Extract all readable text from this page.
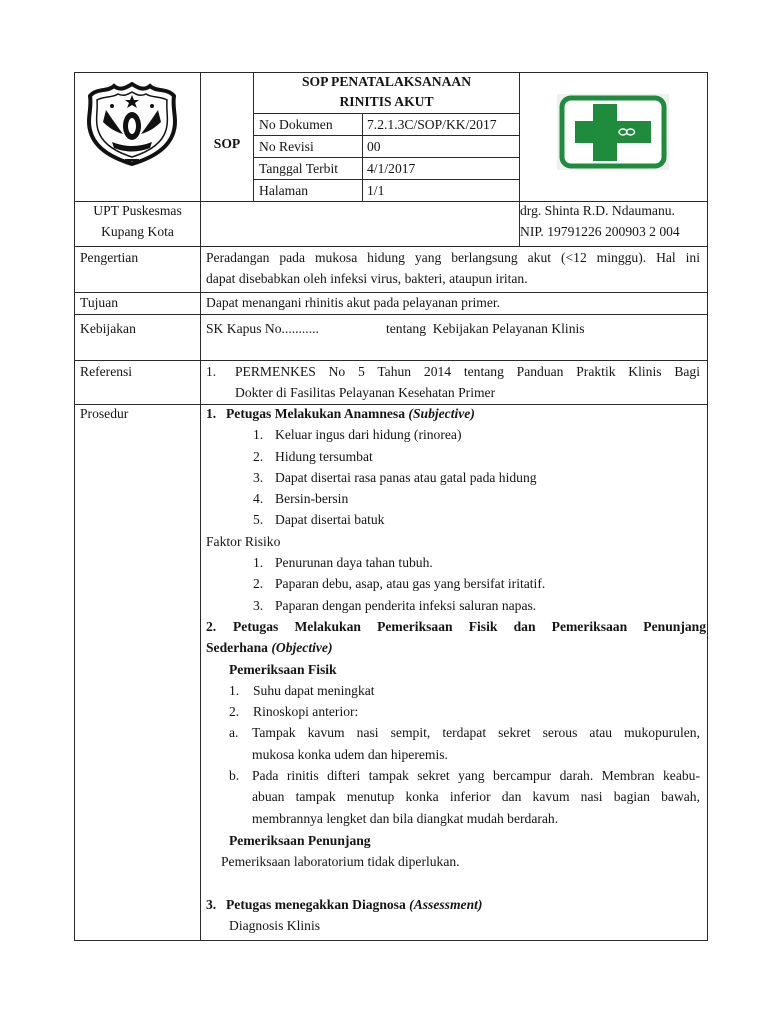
SOP
SOP PENATALAKSANAAN
RINITIS AKUT
No Dokumen	7.2.1.3C/SOP/KK/2017
No Revisi	00
Tanggal Terbit	4/1/2017
Halaman	1/1
UPT Puskesmas
Kupang Kota
drg. Shinta R.D. Ndaumanu.
NIP. 19791226 200903 2 004
Pengertian	Peradangan pada mukosa hidung yang berlangsung akut (<12 minggu). Hal ini
dapat disebabkan oleh infeksi virus, bakteri, ataupun iritan.
Tujuan	Dapat menangani rhinitis akut pada pelayanan primer.
Kebijakan	SK Kapus No...........	tentang  Kebijakan Pelayanan Klinis
Referensi	1.	PERMENKES No 5 Tahun 2014 tentang Panduan Praktik Klinis Bagi
Dokter di Fasilitas Pelayanan Kesehatan Primer
Prosedur	1. Petugas Melakukan Anamnesa (Subjective)
1. Keluar ingus dari hidung (rinorea)
2. Hidung tersumbat
3. Dapat disertai rasa panas atau gatal pada hidung
4. Bersin-bersin
5. Dapat disertai batuk
Faktor Risiko
1. Penurunan daya tahan tubuh.
2. Paparan debu, asap, atau gas yang bersifat iritatif.
3. Paparan dengan penderita infeksi saluran napas.
2.	Petugas Melakukan Pemeriksaan Fisik dan Pemeriksaan Penunjang
Sederhana (Objective)
Pemeriksaan Fisik
1.	Suhu dapat meningkat
2.	Rinoskopi anterior:
a. Tampak kavum nasi sempit, terdapat sekret serous atau mukopurulen,
mukosa konka udem dan hiperemis.
b. Pada rinitis difteri tampak sekret yang bercampur darah. Membran keabu-
abuan tampak menutup konka inferior dan kavum nasi bagian bawah,
membrannya lengket dan bila diangkat mudah berdarah.
Pemeriksaan Penunjang
Pemeriksaan laboratorium tidak diperlukan.
3. Petugas menegakkan Diagnosa (Assessment)
Diagnosis Klinis
